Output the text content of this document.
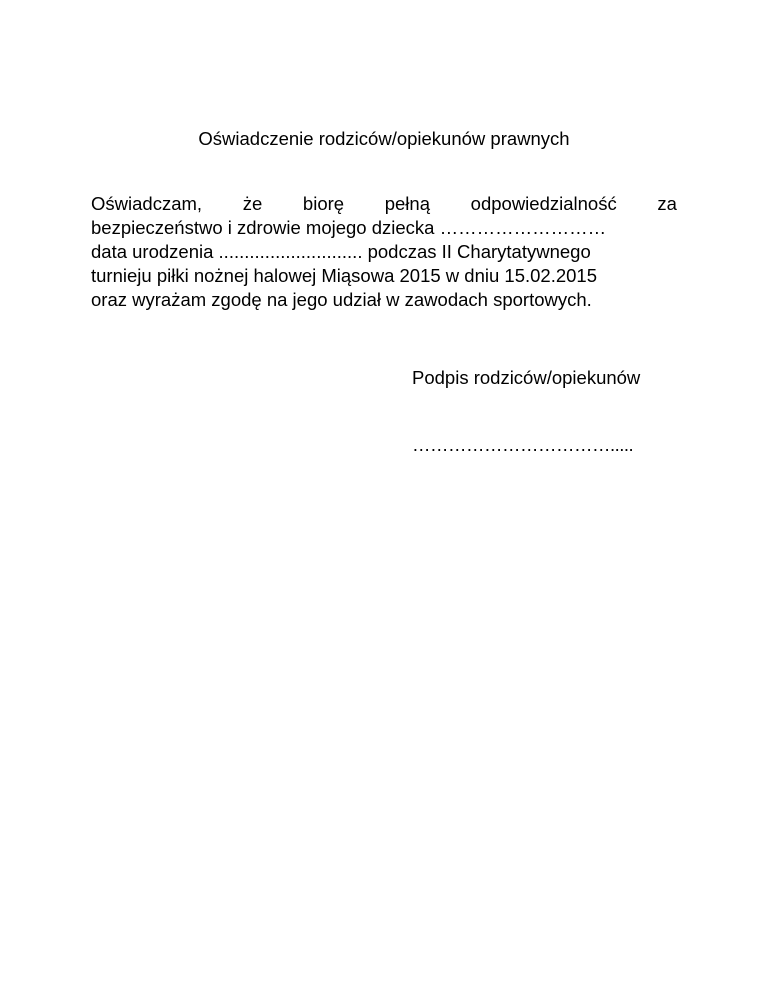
Oświadczenie rodziców/opiekunów prawnych
Oświadczam, że biorę pełną odpowiedzialność za
bezpieczeństwo i zdrowie mojego dziecka ………………………
data urodzenia ............................ podczas II Charytatywnego
turnieju piłki nożnej halowej Miąsowa 2015 w dniu 15.02.2015
oraz wyrażam zgodę na jego udział w zawodach sportowych.

Podpis rodziców/opiekunów

…………………………….....
